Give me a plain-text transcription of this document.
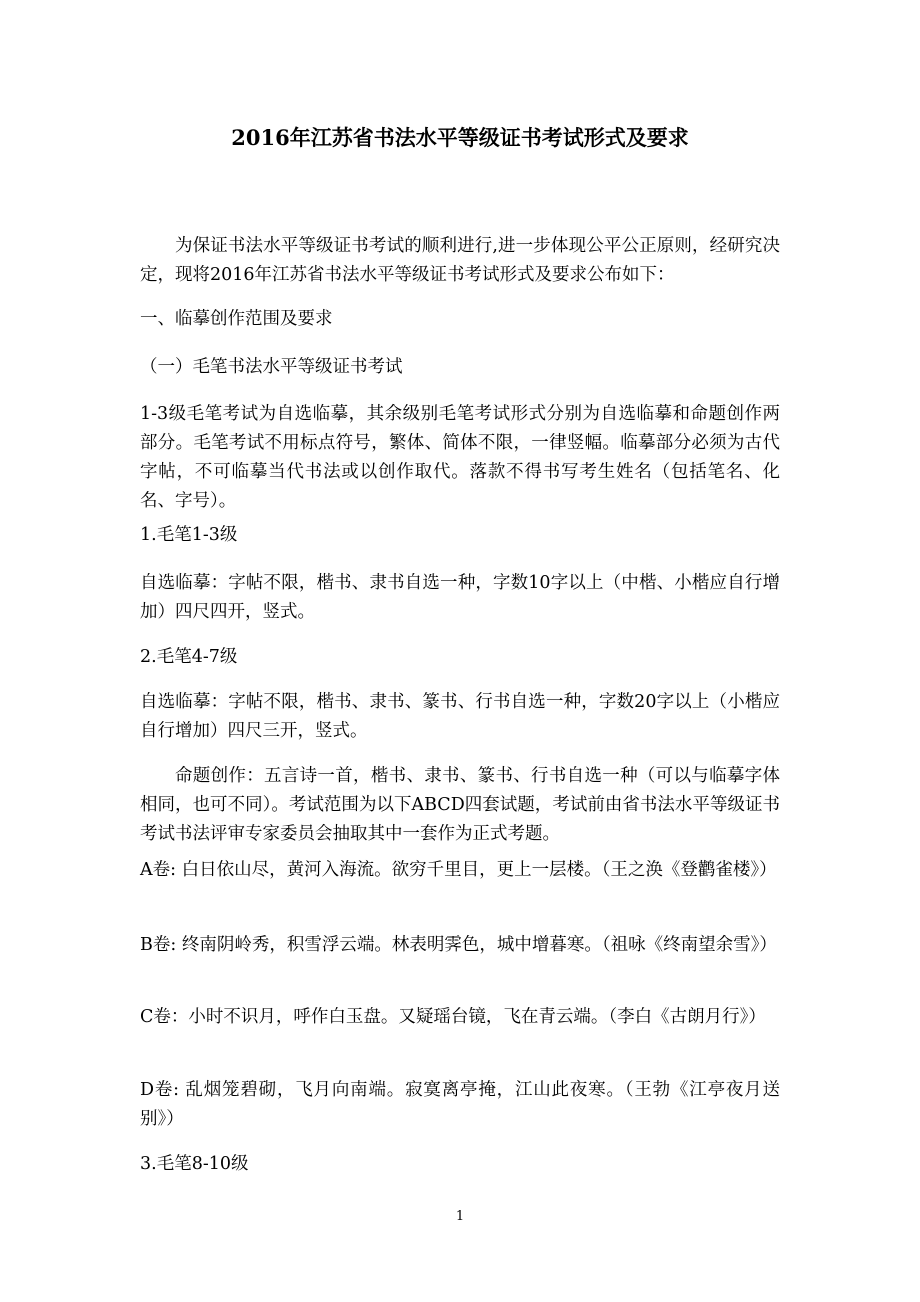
2016年江苏省书法水平等级证书考试形式及要求

为保证书法水平等级证书考试的顺利进行,进一步体现公平公正原则，经研究决定，现将2016年江苏省书法水平等级证书考试形式及要求公布如下：

一、临摹创作范围及要求

（一）毛笔书法水平等级证书考试

1-3级毛笔考试为自选临摹，其余级别毛笔考试形式分别为自选临摹和命题创作两部分。毛笔考试不用标点符号，繁体、简体不限，一律竖幅。临摹部分必须为古代字帖，不可临摹当代书法或以创作取代。落款不得书写考生姓名（包括笔名、化名、字号）。

1.毛笔1-3级

自选临摹：字帖不限，楷书、隶书自选一种，字数10字以上（中楷、小楷应自行增加）四尺四开，竖式。

2.毛笔4-7级

自选临摹：字帖不限，楷书、隶书、篆书、行书自选一种，字数20字以上（小楷应自行增加）四尺三开，竖式。

命题创作：五言诗一首，楷书、隶书、篆书、行书自选一种（可以与临摹字体相同，也可不同）。考试范围为以下ABCD四套试题，考试前由省书法水平等级证书考试书法评审专家委员会抽取其中一套作为正式考题。

A卷: 白日依山尽，黄河入海流。欲穷千里目，更上一层楼。（王之涣《登鹳雀楼》）

B卷: 终南阴岭秀，积雪浮云端。林表明霁色，城中增暮寒。（祖咏《终南望余雪》）

C卷：小时不识月，呼作白玉盘。又疑瑶台镜，飞在青云端。（李白《古朗月行》）

D卷: 乱烟笼碧砌，飞月向南端。寂寞离亭掩，江山此夜寒。（王勃《江亭夜月送别》）

3.毛笔8-10级

1
